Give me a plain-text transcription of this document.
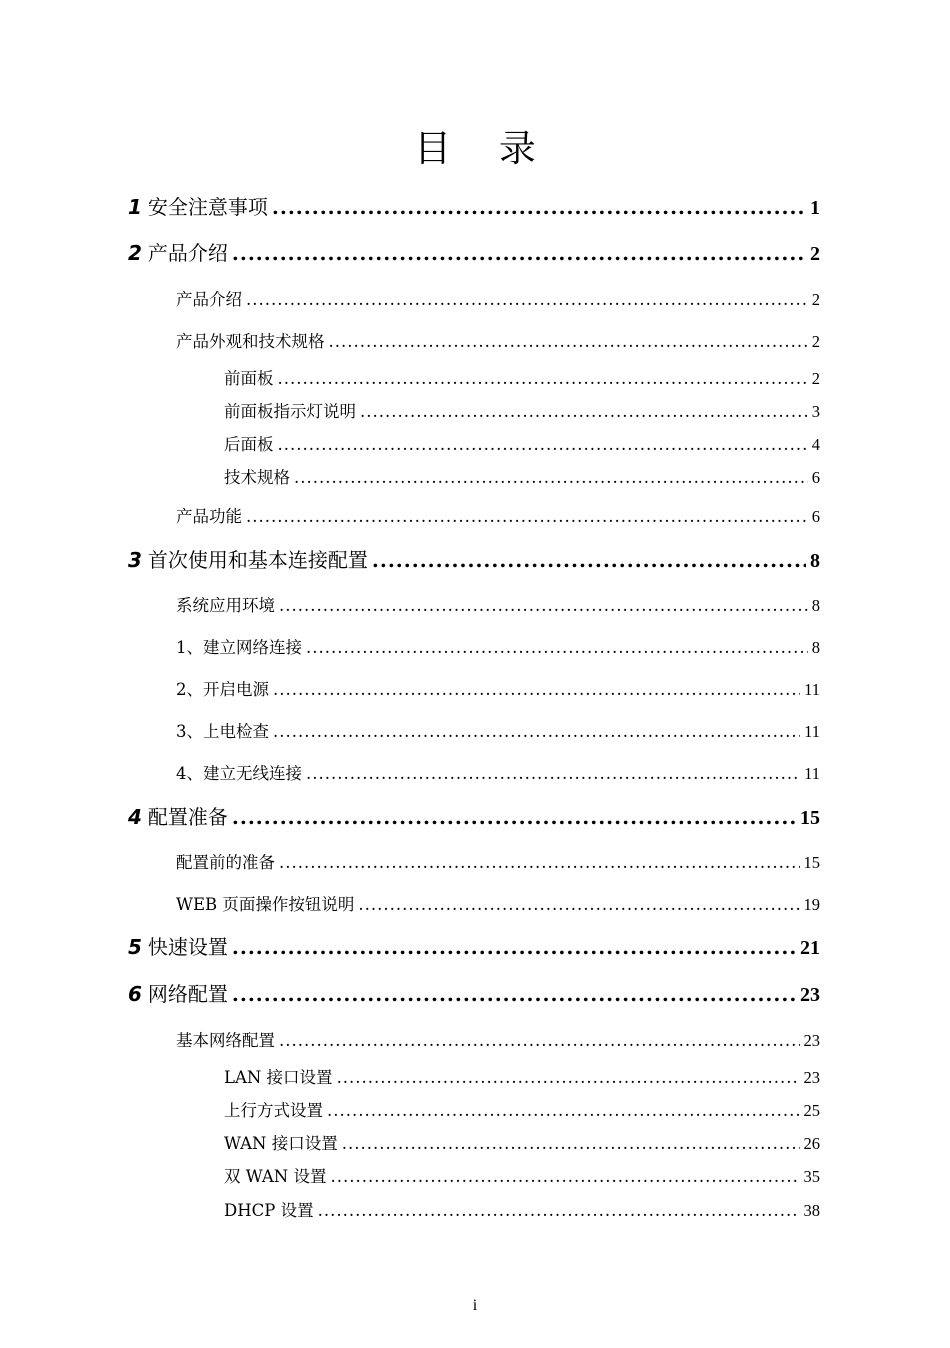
目 录
1 安全注意事项 .....	1
2 产品介绍 .....	2
产品介绍 .....	2
产品外观和技术规格 .....	2
前面板 .....	2
前面板指示灯说明 .....	3
后面板 .....	4
技术规格 .....	6
产品功能 .....	6
3 首次使用和基本连接配置 .....	8
系统应用环境 .....	8
1、建立网络连接 .....	8
2、开启电源 .....	11
3、上电检查 .....	11
4、建立无线连接 .....	11
4 配置准备 .....	15
配置前的准备 .....	15
WEB 页面操作按钮说明 .....	19
5 快速设置 .....	21
6 网络配置 .....	23
基本网络配置 .....	23
LAN 接口设置 .....	23
上行方式设置 .....	25
WAN 接口设置 .....	26
双 WAN 设置 .....	35
DHCP 设置 .....	38
i
